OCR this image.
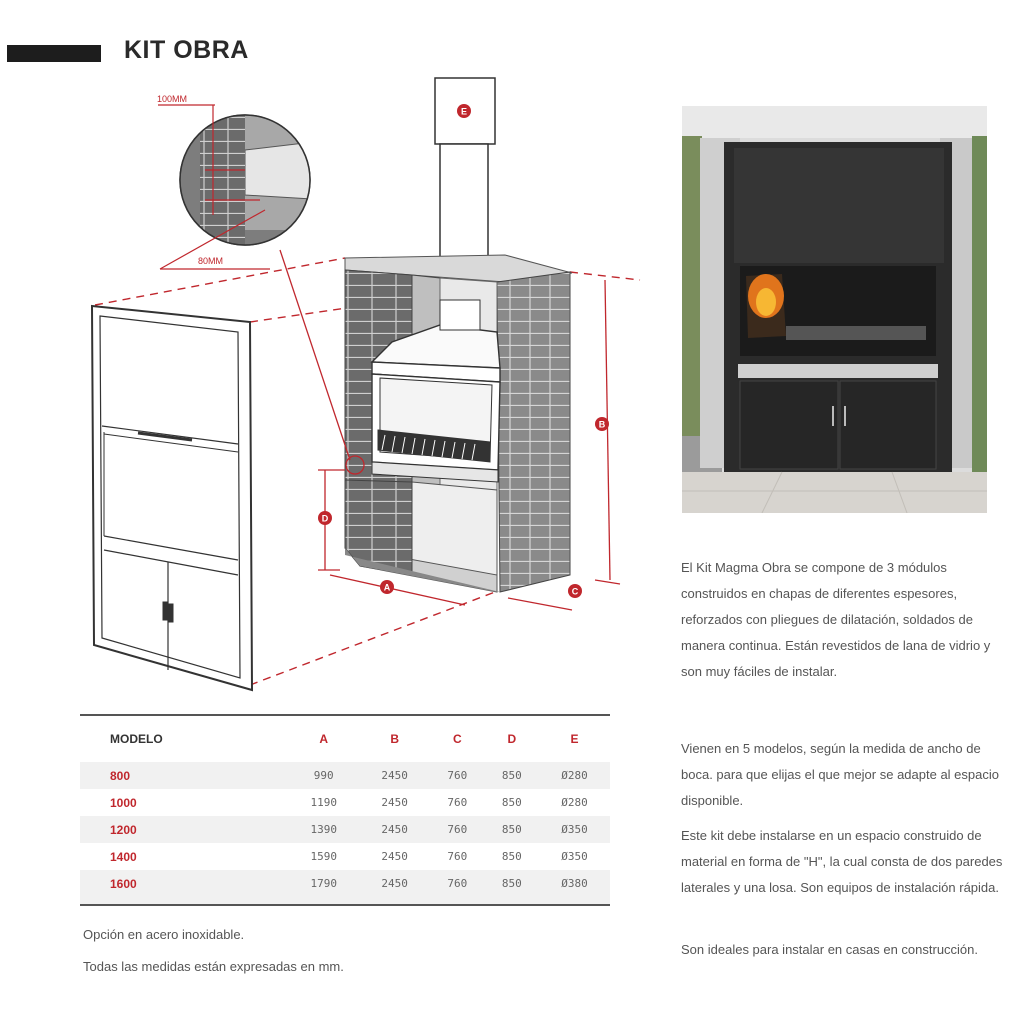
KIT OBRA
100MM
80MM
E
B
D
A	C
MODELO	A	B	C	D	E
800	990	2450	760	850	Ø280
1000	1190	2450	760	850	Ø280
1200	1390	2450	760	850	Ø350
1400	1590	2450	760	850	Ø350
1600	1790	2450	760	850	Ø380

Opción en acero inoxidable.

Todas las medidas están expresadas en mm.

El Kit Magma Obra se compone de 3 módulos construidos en chapas de diferentes espesores, reforzados con pliegues de dilatación, soldados de manera continua. Están revestidos de lana de vidrio y son muy fáciles de instalar.

Vienen en 5 modelos, según la medida de ancho de boca. para que elijas el que mejor se adapte al espacio disponible.

Este kit debe instalarse en un espacio construido de material en forma de "H", la cual consta de dos paredes laterales y una losa. Son equipos de instalación rápida.

Son ideales para instalar en casas en construcción.
